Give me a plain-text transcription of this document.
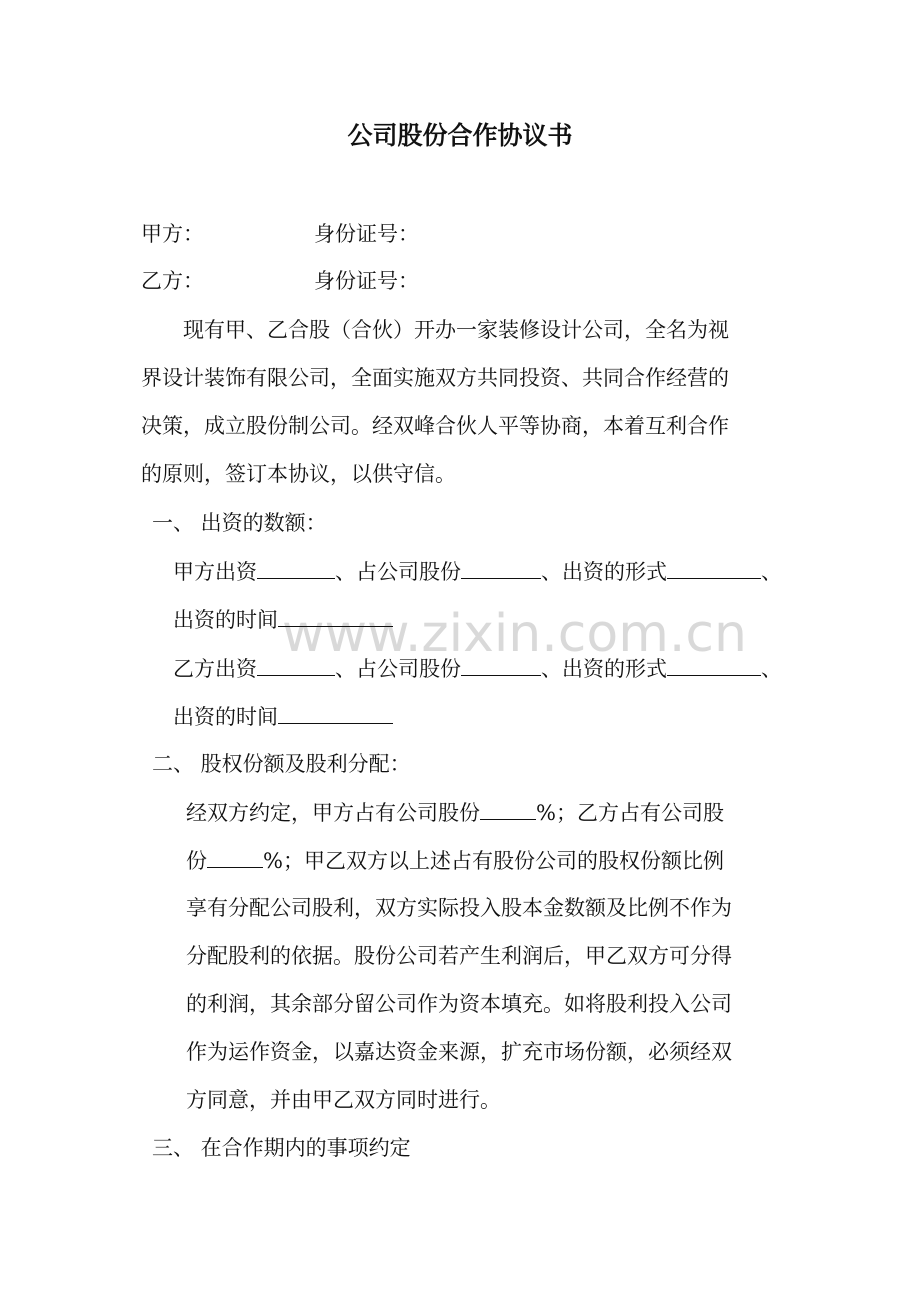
www.zixin.com.cn
公司股份合作协议书
甲方：	身份证号：
乙方：	身份证号：
现有甲、乙合股（合伙）开办一家装修设计公司，全名为视
界设计装饰有限公司，全面实施双方共同投资、共同合作经营的
决策，成立股份制公司。经双峰合伙人平等协商，本着互利合作
的原则，签订本协议，以供守信。
一、 出资的数额：
甲方出资	、占公司股份	、出资的形式	、
出资的时间
乙方出资	、占公司股份	、出资的形式	、
出资的时间
二、 股权份额及股利分配：
经双方约定，甲方占有公司股份	%；乙方占有公司股
份	%；甲乙双方以上述占有股份公司的股权份额比例
享有分配公司股利，双方实际投入股本金数额及比例不作为
分配股利的依据。股份公司若产生利润后，甲乙双方可分得
的利润，其余部分留公司作为资本填充。如将股利投入公司
作为运作资金，以嘉达资金来源，扩充市场份额，必须经双
方同意，并由甲乙双方同时进行。
三、 在合作期内的事项约定
